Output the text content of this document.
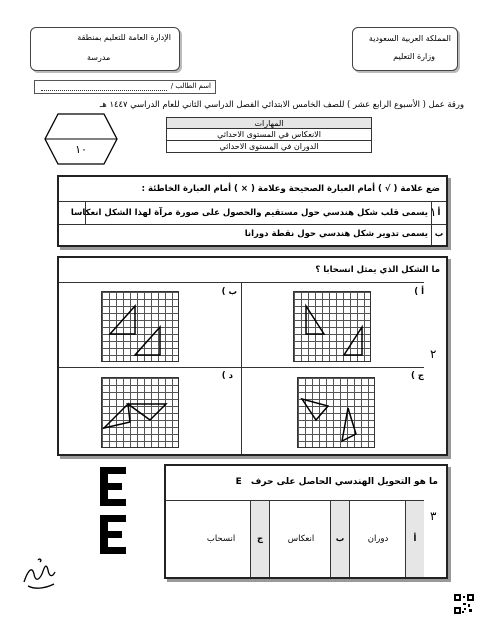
المملكة العربية السعودية
وزارة التعليم
الإدارة العامة للتعليم بمنطقة
مدرسة
اسم الطالب /
ورقة عمل ( الأسبوع الرابع عشر ) للصف الخامس الابتدائي الفصل الدراسي الثاني للعام الدراسي ١٤٤٧ هـ
١٠
المهارات
الانعكاس في المستوى الاحداثي
الدوران في المستوى الاحداثي
ضع علامة ( √ ) أمام العبارة الصحيحة وعلامة ( × ) أمام العبارة الخاطئة :
أ
يسمى قلب شكل هندسي حول مستقيم والحصول على صورة مرآة لهذا الشكل انعكاسا
ب
يسمى تدوير شكل هندسي حول نقطة دورانا
١
ما الشكل الذي يمثل انسحابا ؟
أ )
ب )
ج )
د )
٢
ما هو التحويل الهندسي الحاصل على حرف E
أ
دوران
ب
انعكاس
ج
انسحاب
٣
